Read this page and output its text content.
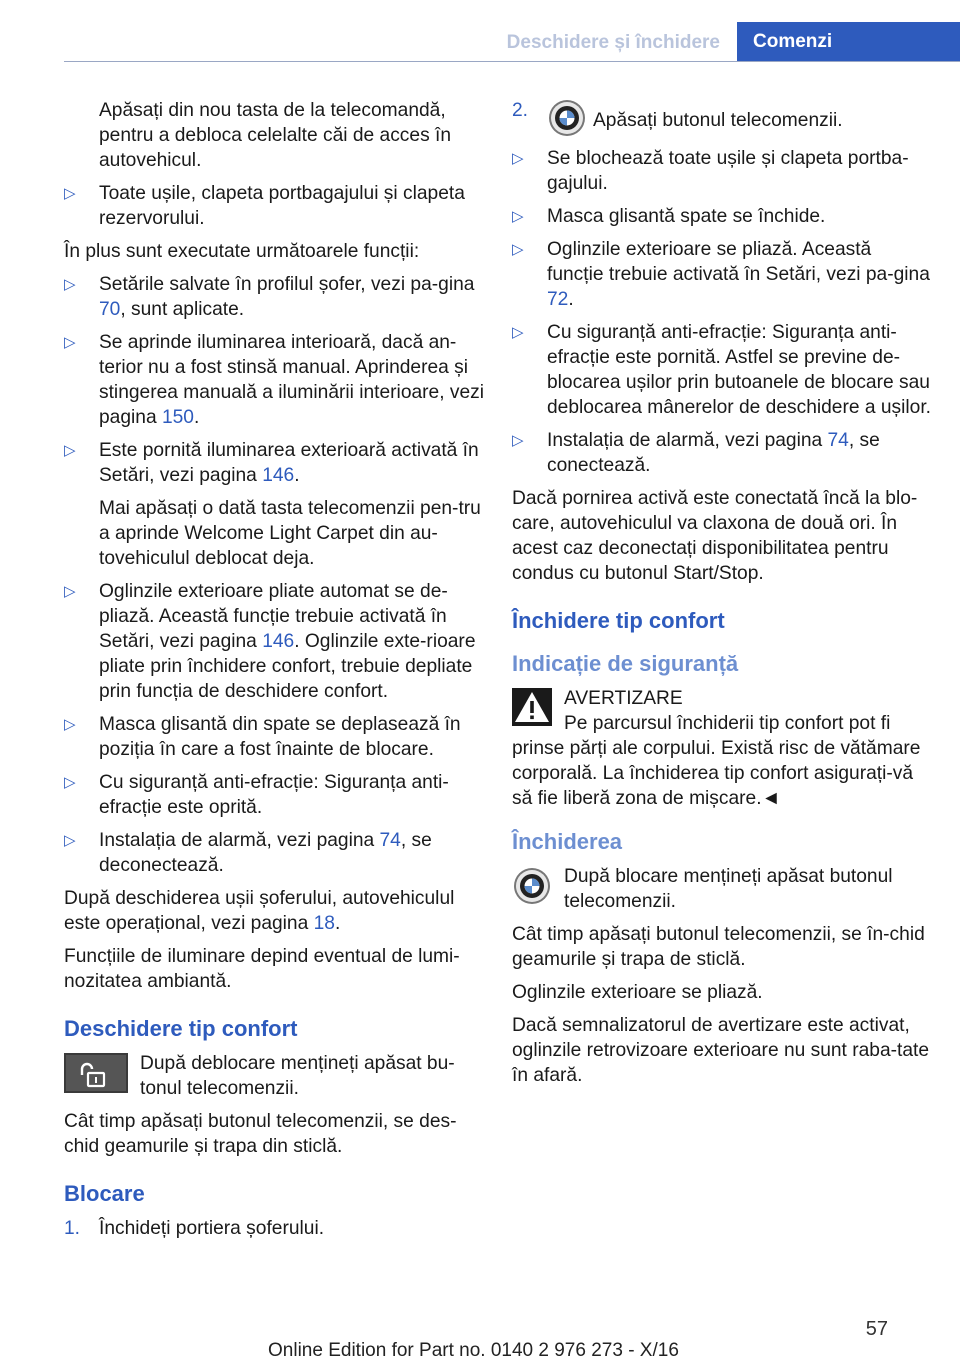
Deschidere și închidere	Comenzi

Apăsați din nou tasta de la telecomandă, pentru a debloca celelalte căi de acces în autovehicul.

▷ Toate ușile, clapeta portbagajului și clapeta rezervorului.

În plus sunt executate următoarele funcții:

▷ Setările salvate în profilul șofer, vezi pa-gina 70, sunt aplicate.
▷ Se aprinde iluminarea interioară, dacă an-terior nu a fost stinsă manual. Aprinderea și stingerea manuală a iluminării interioare, vezi pagina 150.
▷ Este pornită iluminarea exterioară activată în Setări, vezi pagina 146.

Mai apăsați o dată tasta telecomenzii pen-tru a aprinde Welcome Light Carpet din au-tovehiculul deblocat deja.

▷ Oglinzile exterioare pliate automat se de-pliază. Această funcție trebuie activată în Setări, vezi pagina 146. Oglinzile exte-rioare pliate prin închidere confort, trebuie depliate prin funcția de deschidere confort.
▷ Masca glisantă din spate se deplasează în poziția în care a fost înainte de blocare.
▷ Cu siguranță anti-efracție: Siguranța anti-efracție este oprită.
▷ Instalația de alarmă, vezi pagina 74, se deconectează.

După deschiderea ușii șoferului, autovehiculul este operațional, vezi pagina 18.

Funcțiile de iluminare depind eventual de lumi-nozitatea ambiantă.

Deschidere tip confort
După deblocare mențineți apăsat bu-tonul telecomenzii.

Cât timp apăsați butonul telecomenzii, se des-chid geamurile și trapa din sticlă.

Blocare
1. Închideți portiera șoferului.
2.	Apăsați butonul telecomenzii.
▷ Se blochează toate ușile și clapeta portba-gajului.
▷ Masca glisantă spate se închide.
▷ Oglinzile exterioare se pliază. Această funcție trebuie activată în Setări, vezi pa-gina 72.
▷ Cu siguranță anti-efracție: Siguranța anti-efracție este pornită. Astfel se previne de-blocarea ușilor prin butoanele de blocare sau deblocarea mânerelor de deschidere a ușilor.
▷ Instalația de alarmă, vezi pagina 74, se conectează.

Dacă pornirea activă este conectată încă la blo-care, autovehiculul va claxona de două ori. În acest caz deconectați disponibilitatea pentru condus cu butonul Start/Stop.

Închidere tip confort
Indicație de siguranță
AVERTIZARE
Pe parcursul închiderii tip confort pot fi prinse părți ale corpului. Există risc de vătămare corporală. La închiderea tip confort asigurați-vă să fie liberă zona de mișcare.◄
Închiderea
După blocare mențineți apăsat butonul telecomenzii.

Cât timp apăsați butonul telecomenzii, se în-chid geamurile și trapa de sticlă.

Oglinzile exterioare se pliază.

Dacă semnalizatorul de avertizare este activat, oglinzile retrovizoare exterioare nu sunt raba-tate în afară.

57
Online Edition for Part no. 0140 2 976 273 - X/16
